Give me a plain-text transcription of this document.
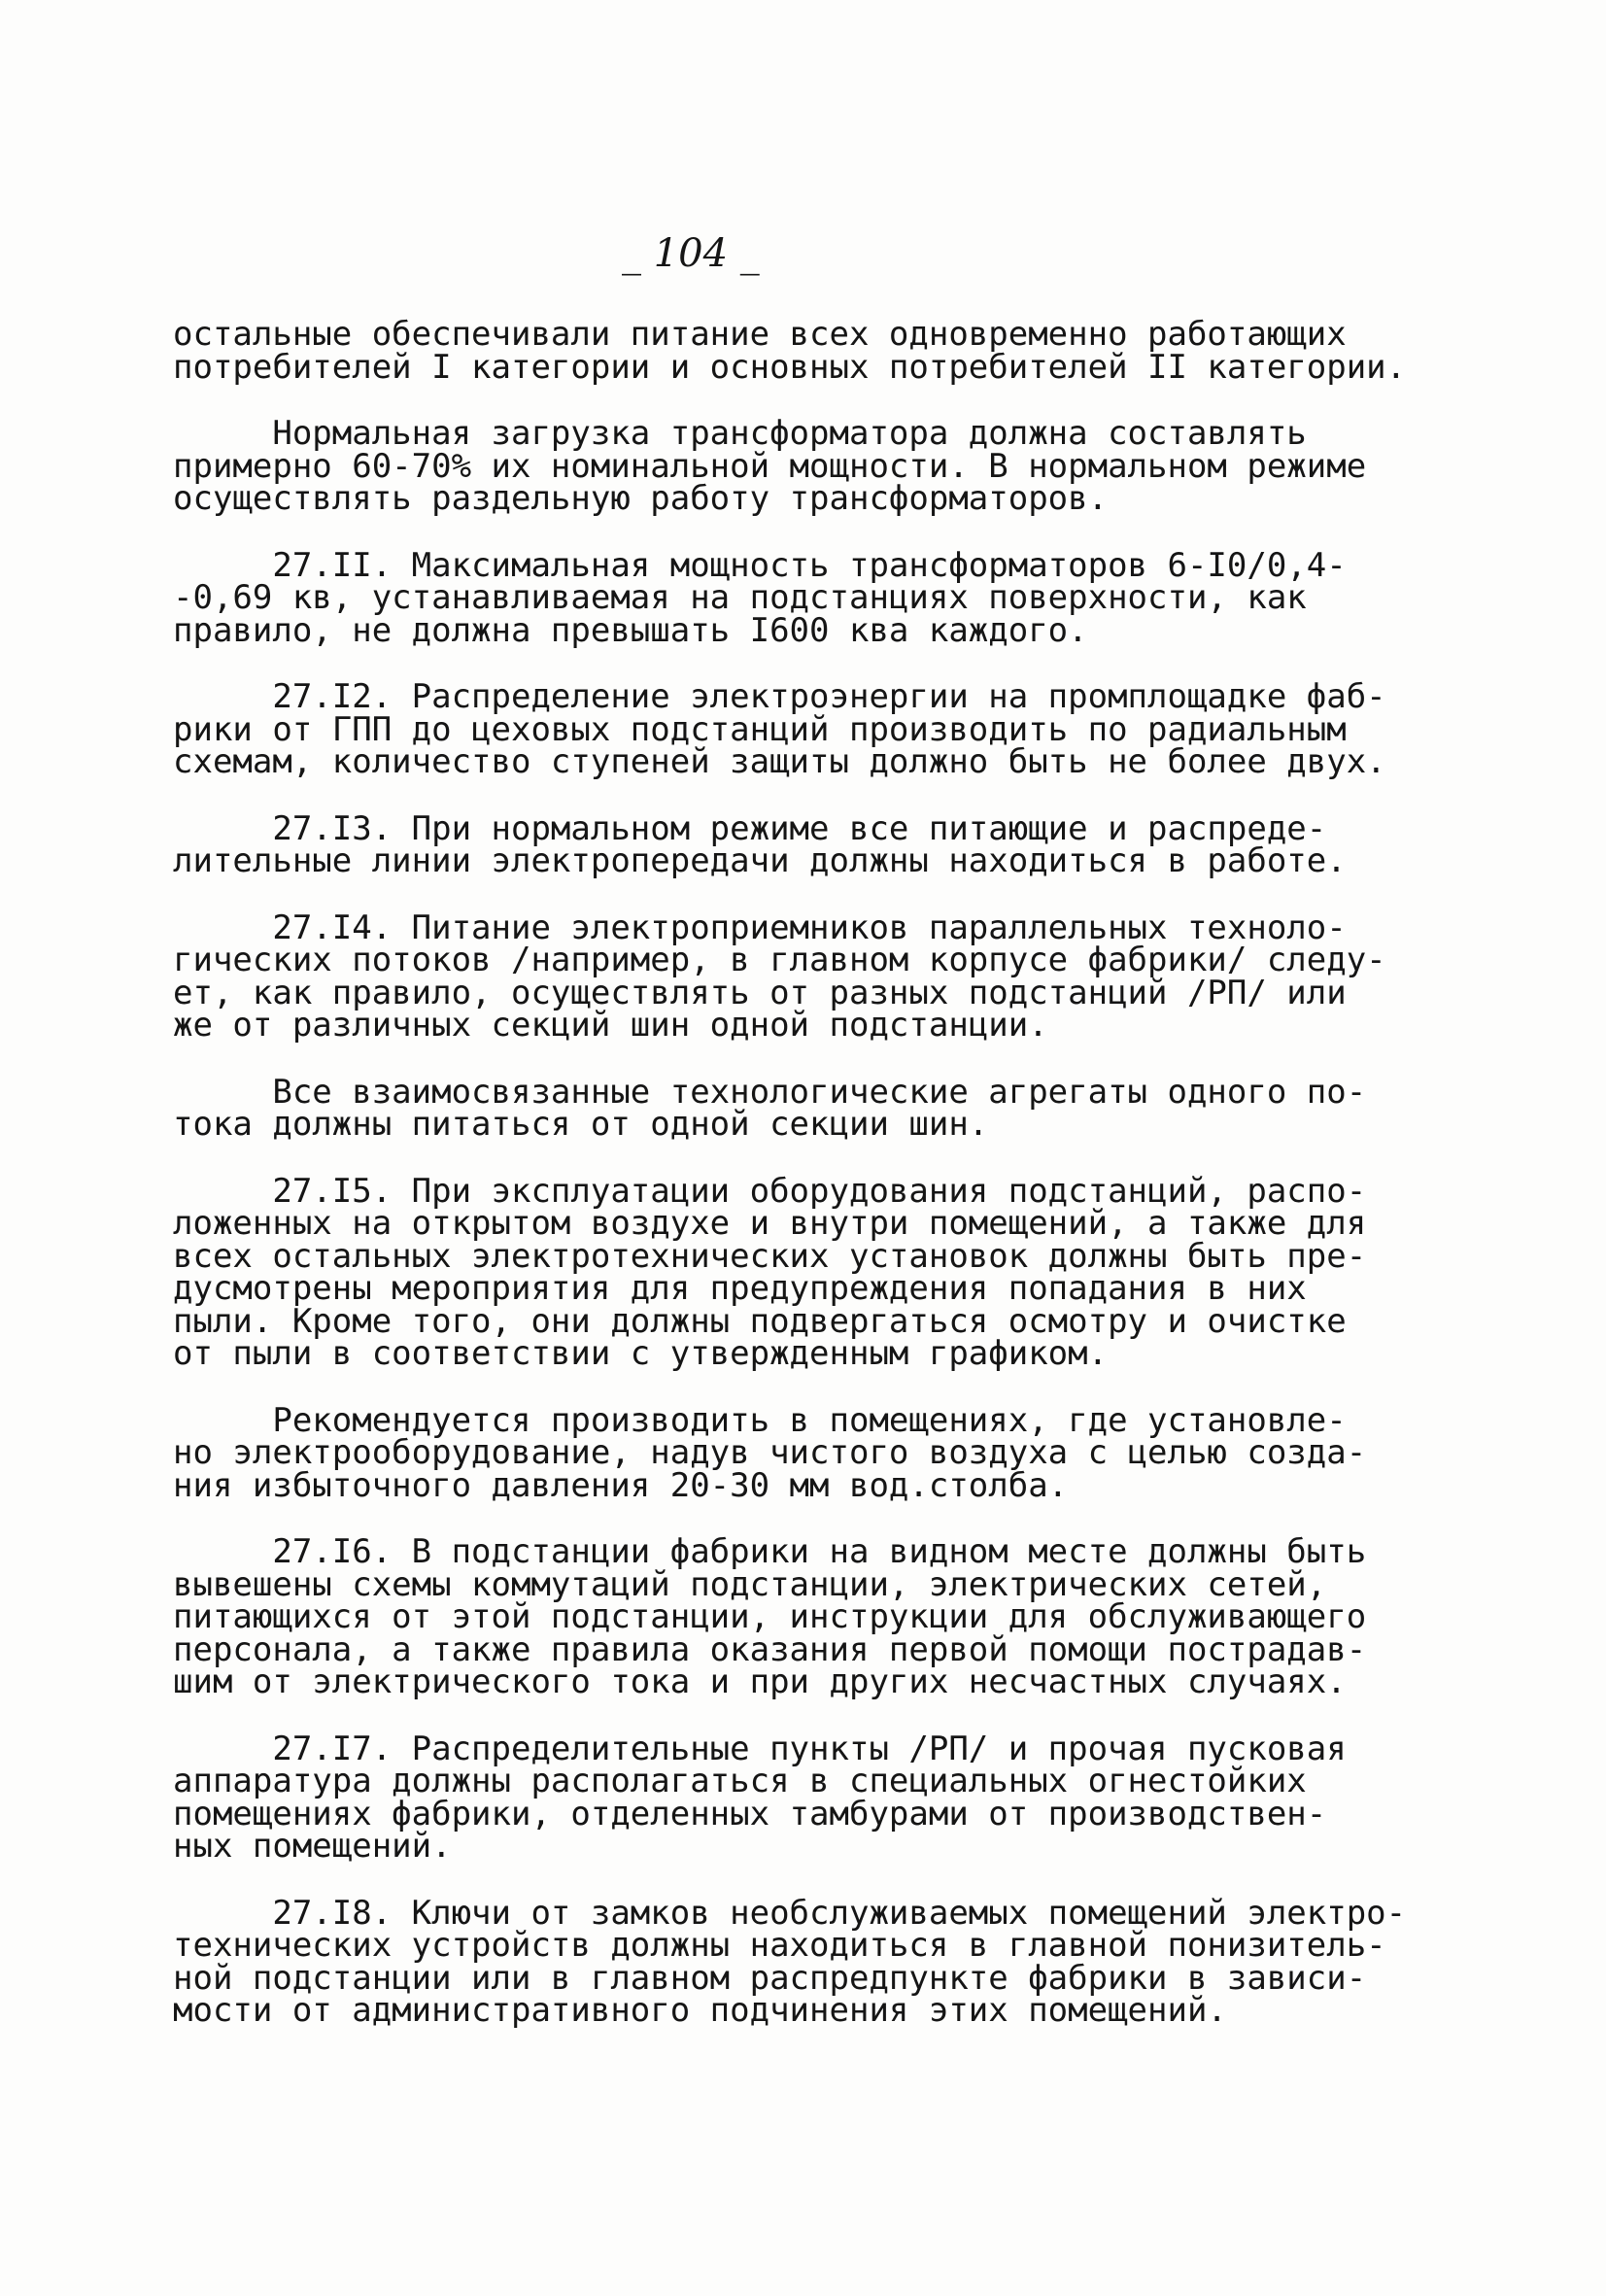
_ 104 _
остальные обеспечивали питание всех одновременно работающих
потребителей I категории и основных потребителей II категории.
Нормальная загрузка трансформатора должна составлять
примерно 60-70% их номинальной мощности. В нормальном режиме
осуществлять раздельную работу трансформаторов.
27.II. Максимальная мощность трансформаторов 6-I0/0,4-
-0,69 кв, устанавливаемая на подстанциях поверхности, как
правило, не должна превышать I600 ква каждого.
27.I2. Распределение электроэнергии на промплощадке фаб-
рики от ГПП до цеховых подстанций производить по радиальным
схемам, количество ступеней защиты должно быть не более двух.
27.I3. При нормальном режиме все питающие и распреде-
лительные линии электропередачи должны находиться в работе.
27.I4. Питание электроприемников параллельных техноло-
гических потоков /например, в главном корпусе фабрики/ следу-
ет, как правило, осуществлять от разных подстанций /РП/ или
же от различных секций шин одной подстанции.
Все взаимосвязанные технологические агрегаты одного по-
тока должны питаться от одной секции шин.
27.I5. При эксплуатации оборудования подстанций, распо-
ложенных на открытом воздухе и внутри помещений, а также для
всех остальных электротехнических установок должны быть пре-
дусмотрены мероприятия для предупреждения попадания в них
пыли. Кроме того, они должны подвергаться осмотру и очистке
от пыли в соответствии с утвержденным графиком.
Рекомендуется производить в помещениях, где установле-
но электрооборудование, надув чистого воздуха с целью созда-
ния избыточного давления 20-30 мм вод.столба.
27.I6. В подстанции фабрики на видном месте должны быть
вывешены схемы коммутаций подстанции, электрических сетей,
питающихся от этой подстанции, инструкции для обслуживающего
персонала, а также правила оказания первой помощи пострадав-
шим от электрического тока и при других несчастных случаях.
27.I7. Распределительные пункты /РП/ и прочая пусковая
аппаратура должны располагаться в специальных огнестойких
помещениях фабрики, отделенных тамбурами от производствен-
ных помещений.
27.I8. Ключи от замков необслуживаемых помещений электро-
технических устройств должны находиться в главной понизитель-
ной подстанции или в главном распредпункте фабрики в зависи-
мости от административного подчинения этих помещений.
